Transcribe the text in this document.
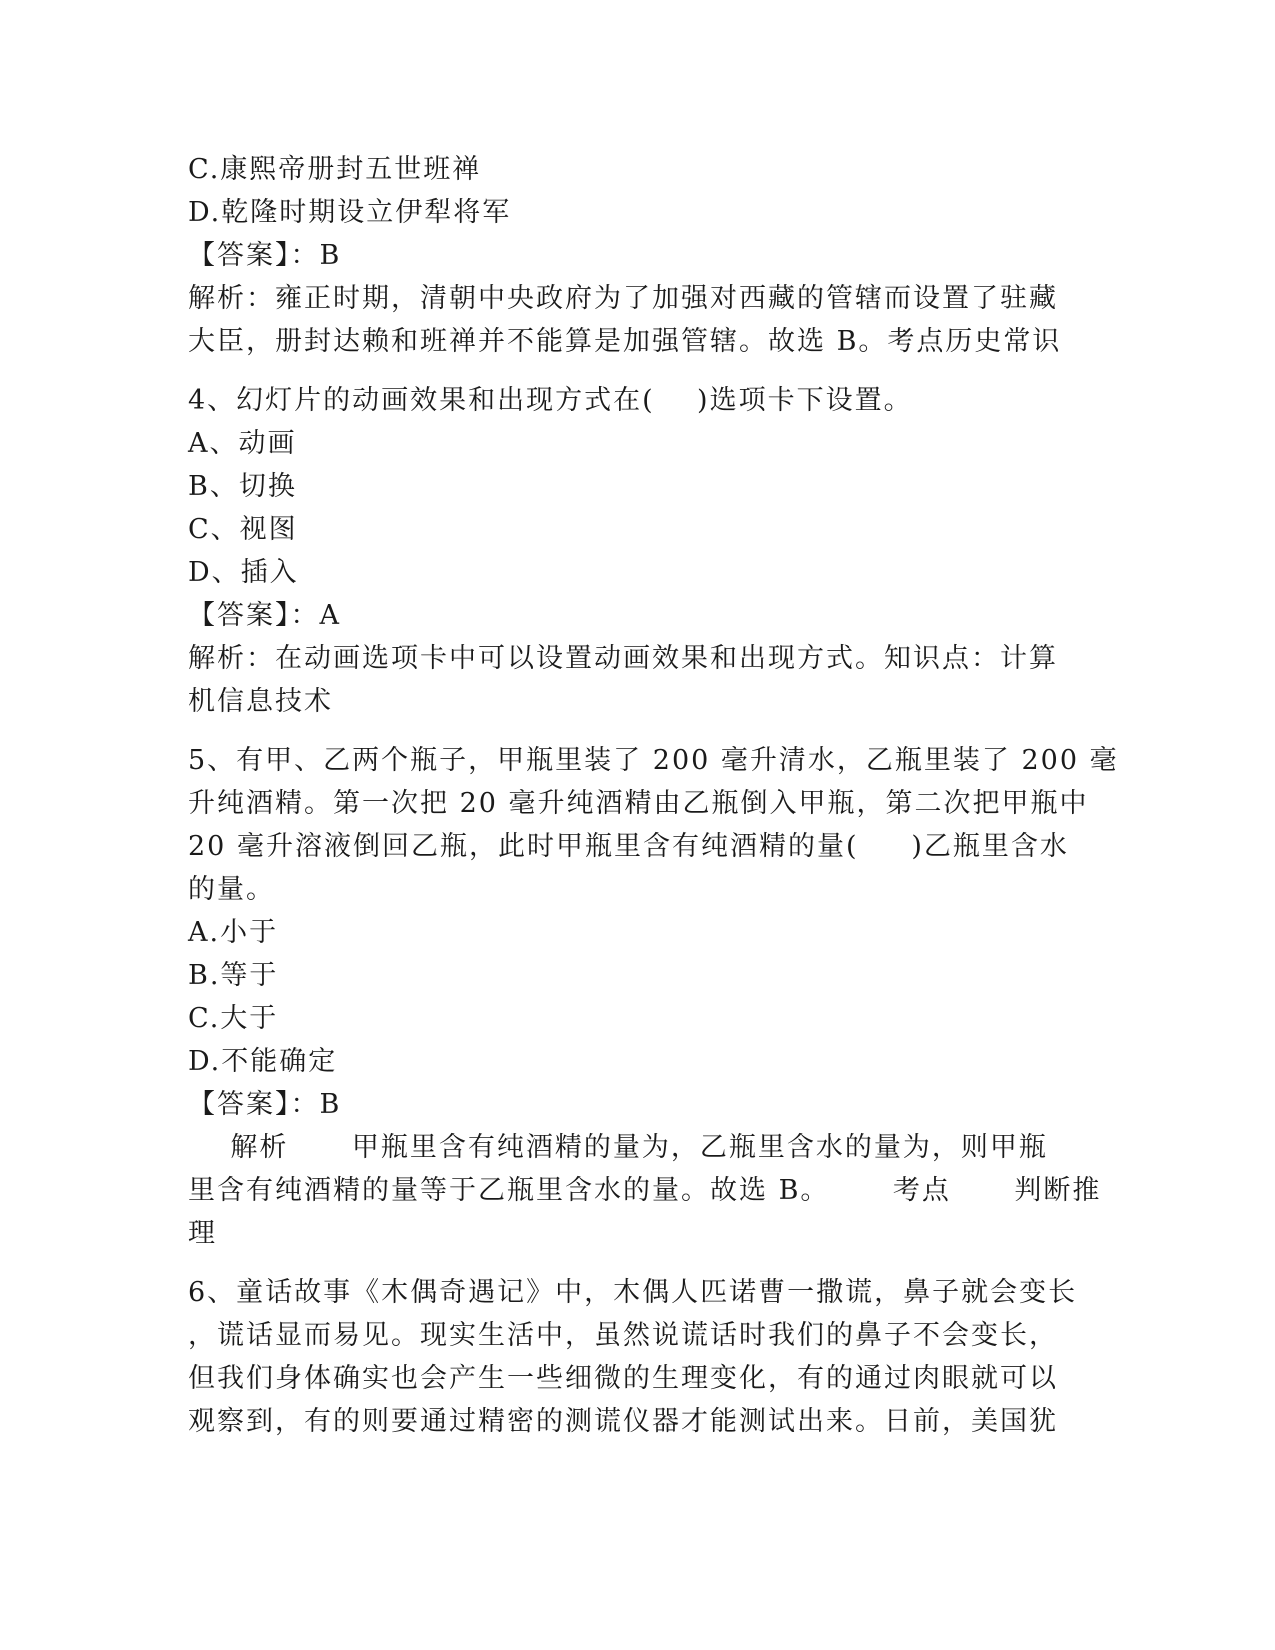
C.康熙帝册封五世班禅
D.乾隆时期设立伊犁将军
【答案】：B
解析：雍正时期，清朝中央政府为了加强对西藏的管辖而设置了驻藏
大臣，册封达赖和班禅并不能算是加强管辖。故选 B。考点历史常识
4、幻灯片的动画效果和出现方式在(    )选项卡下设置。
A、动画
B、切换
C、视图
D、插入
【答案】：A
解析：在动画选项卡中可以设置动画效果和出现方式。知识点：计算
机信息技术
5、有甲、乙两个瓶子，甲瓶里装了 200 毫升清水，乙瓶里装了 200 毫
升纯酒精。第一次把 20 毫升纯酒精由乙瓶倒入甲瓶，第二次把甲瓶中
20 毫升溶液倒回乙瓶，此时甲瓶里含有纯酒精的量(     )乙瓶里含水
的量。
A.小于
B.等于
C.大于
D.不能确定
【答案】：B
解析      甲瓶里含有纯酒精的量为，乙瓶里含水的量为，则甲瓶
里含有纯酒精的量等于乙瓶里含水的量。故选 B。      考点      判断推
理
6、童话故事《木偶奇遇记》中，木偶人匹诺曹一撒谎，鼻子就会变长
，谎话显而易见。现实生活中，虽然说谎话时我们的鼻子不会变长，
但我们身体确实也会产生一些细微的生理变化，有的通过肉眼就可以
观察到，有的则要通过精密的测谎仪器才能测试出来。日前，美国犹
